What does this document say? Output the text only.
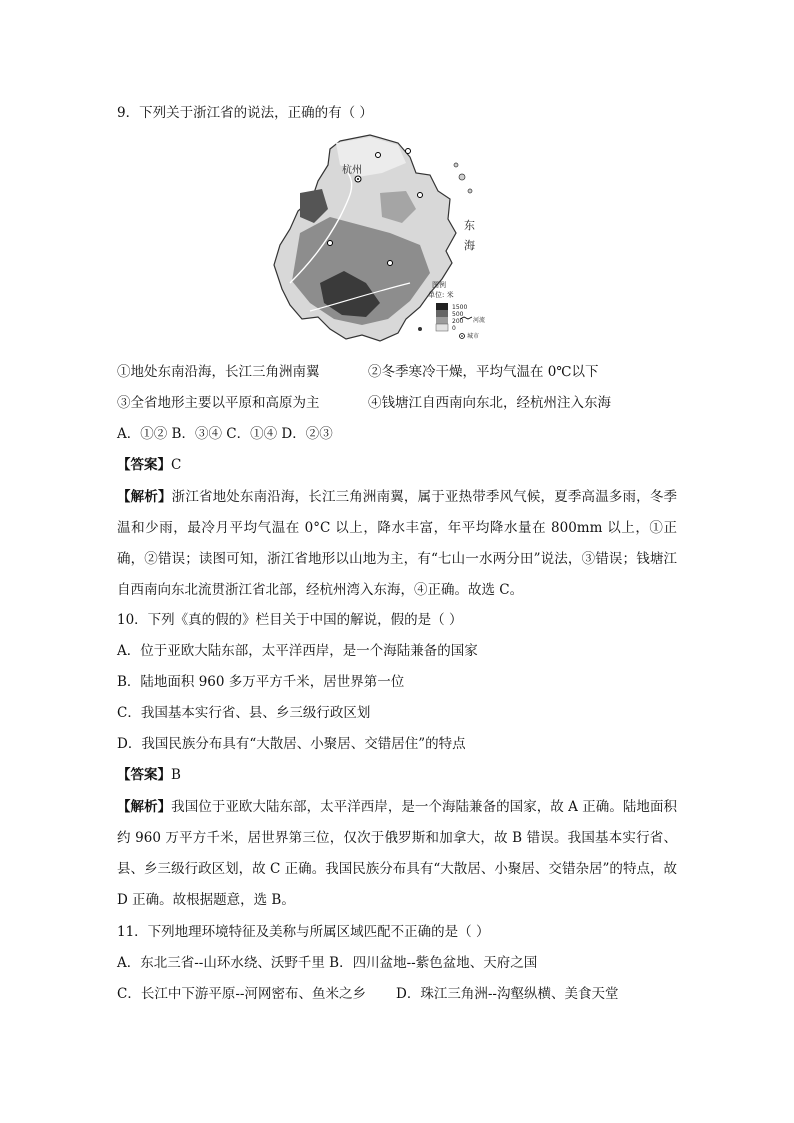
9．下列关于浙江省的说法，正确的有（ ）
杭州
东
海
图例
单位: 米
1500
500
200
0
河流
城市
①地处东南沿海，长江三角洲南翼	②冬季寒冷干燥，平均气温在 0℃以下
③全省地形主要以平原和高原为主	④钱塘江自西南向东北，经杭州注入东海
A．①② B．③④ C．①④ D．②③
【答案】C
【解析】浙江省地处东南沿海，长江三角洲南翼，属于亚热带季风气候，夏季高温多雨，冬季温和少雨，最冷月平均气温在 0°C 以上，降水丰富，年平均降水量在 800mm 以上，①正确，②错误；读图可知，浙江省地形以山地为主，有“七山一水两分田”说法，③错误；钱塘江自西南向东北流贯浙江省北部，经杭州湾入东海，④正确。故选 C。
10．下列《真的假的》栏目关于中国的解说，假的是（ ）
A．位于亚欧大陆东部，太平洋西岸，是一个海陆兼备的国家
B．陆地面积 960 多万平方千米，居世界第一位
C．我国基本实行省、县、乡三级行政区划
D．我国民族分布具有“大散居、小聚居、交错居住”的特点
【答案】B
【解析】我国位于亚欧大陆东部，太平洋西岸，是一个海陆兼备的国家，故 A 正确。陆地面积约 960 万平方千米，居世界第三位，仅次于俄罗斯和加拿大，故 B 错误。我国基本实行省、县、乡三级行政区划，故 C 正确。我国民族分布具有“大散居、小聚居、交错杂居”的特点，故 D 正确。故根据题意，选 B。
11．下列地理环境特征及美称与所属区域匹配不正确的是（ ）
A．东北三省--山环水绕、沃野千里 B．四川盆地--紫色盆地、天府之国
C．长江中下游平原--河网密布、鱼米之乡 D．珠江三角洲--沟壑纵横、美食天堂
